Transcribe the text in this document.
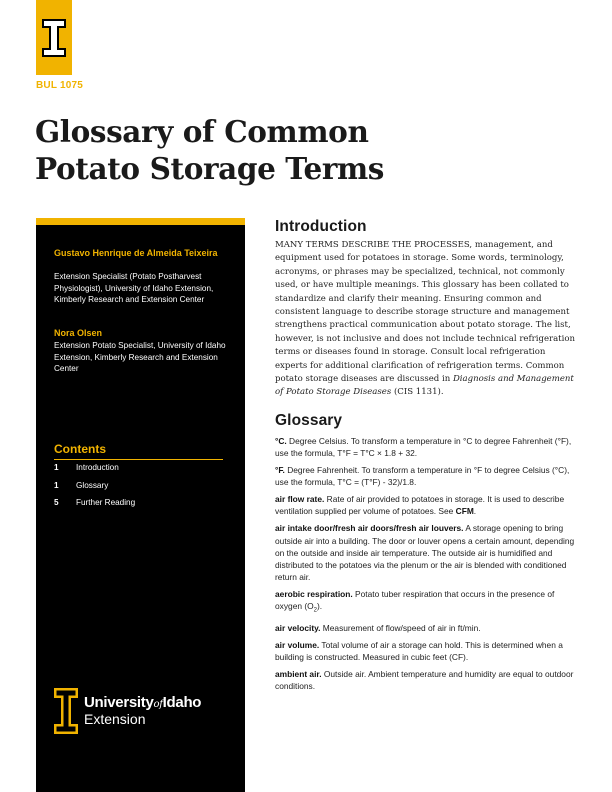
BUL 1075
Glossary of Common
Potato Storage Terms
Gustavo Henrique de Almeida Teixeira
Extension Specialist (Potato Postharvest Physiologist), University of Idaho Extension, Kimberly Research and Extension Center
Nora Olsen
Extension Potato Specialist, University of Idaho Extension, Kimberly Research and Extension Center
Contents
1	Introduction
1	Glossary
5	Further Reading
UniversityofIdaho
Extension
Introduction

MANY TERMS DESCRIBE THE PROCESSES, management, and equipment used for potatoes in storage. Some words, terminology, acronyms, or phrases may be specialized, technical, not commonly used, or have multiple meanings. This glossary has been collated to standardize and clarify their meaning. Ensuring common and consistent language to describe storage structure and management strengthens practical communication about potato storage. The list, however, is not inclusive and does not include technical refrigeration terms or diseases found in storage. Consult local refrigeration experts for additional clarification of refrigeration terms. Common potato storage diseases are discussed in Diagnosis and Management of Potato Storage Diseases (CIS 1131).

Glossary

°C. Degree Celsius. To transform a temperature in °C to degree Fahrenheit (°F), use the formula, T°F = T°C × 1.8 + 32.

°F. Degree Fahrenheit. To transform a temperature in °F to degree Celsius (°C), use the formula, T°C = (T°F) - 32)/1.8.

air flow rate. Rate of air provided to potatoes in storage. It is used to describe ventilation supplied per volume of potatoes. See CFM.

air intake door/fresh air doors/fresh air louvers. A storage opening to bring outside air into a building. The door or louver opens a certain amount, depending on the outside and inside air temperature. The outside air is humidified and distributed to the potatoes via the plenum or the air is blended with conditioned return air.

aerobic respiration. Potato tuber respiration that occurs in the presence of oxygen $(O_2)$.

air velocity. Measurement of flow/speed of air in ft/min.

air volume. Total volume of air a storage can hold. This is determined when a building is constructed. Measured in cubic feet (CF).

ambient air. Outside air. Ambient temperature and humidity are equal to outdoor conditions.
